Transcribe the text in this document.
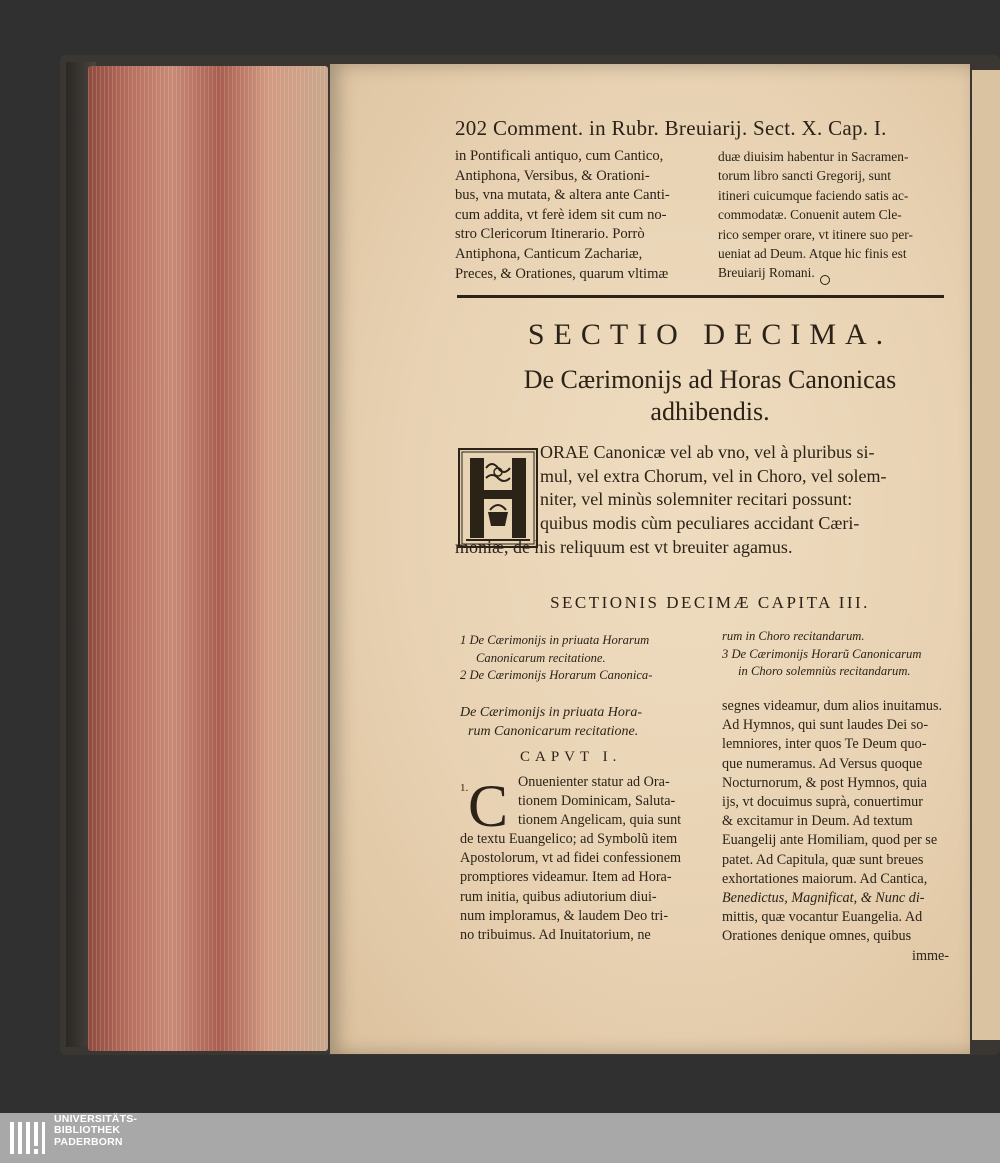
202 Comment. in Rubr. Breuiarij. Sect. X. Cap. I.
in Pontificali antiquo, cum Cantico,
Antiphona, Versibus, & Orationi-
bus, vna mutata, & altera ante Canti-
cum addita, vt ferè idem sit cum no-
stro Clericorum Itinerario. Porrò
Antiphona, Canticum Zachariæ,
Preces, & Orationes, quarum vltimæ
duæ diuisim habentur in Sacramen-
torum libro sancti Gregorij, sunt
itineri cuicumque faciendo satis ac-
commodatæ. Conuenit autem Cle-
rico semper orare, vt itinere suo per-
ueniat ad Deum. Atque hic finis est
Breuiarij Romani.
SECTIO DECIMA.
De Cærimonijs ad Horas Canonicas
adhibendis.
ORAE Canonicæ vel ab vno, vel à pluribus si-
mul, vel extra Chorum, vel in Choro, vel solem-
niter, vel minùs solemniter recitari possunt:
quibus modis cùm peculiares accidant Cæri-
moniæ, de his reliquum est vt breuiter agamus.
SECTIONIS DECIMÆ CAPITA III.
1 De Cærimonijs in priuata Horarum
Canonicarum recitatione.
2 De Cærimonijs Horarum Canonica-
rum in Choro recitandarum.
3 De Cærimonijs Horarũ Canonicarum
in Choro solemniùs recitandarum.
De Cærimonijs in priuata Hora-
rum Canonicarum recitatione.
CAPVT I.
1. C Onuenienter statur ad Ora-
tionem Dominicam, Saluta-
tionem Angelicam, quia sunt
de textu Euangelico; ad Symbolũ item
Apostolorum, vt ad fidei confessionem
promptiores videamur. Item ad Hora-
rum initia, quibus adiutorium diui-
num imploramus, & laudem Deo tri-
no tribuimus. Ad Inuitatorium, ne
segnes videamur, dum alios inuitamus.
Ad Hymnos, qui sunt laudes Dei so-
lemniores, inter quos Te Deum quo-
que numeramus. Ad Versus quoque
Nocturnorum, & post Hymnos, quia
ijs, vt docuimus suprà, conuertimur
& excitamur in Deum. Ad textum
Euangelij ante Homiliam, quod per se
patet. Ad Capitula, quæ sunt breues
exhortationes maiorum. Ad Cantica,
Benedictus, Magnificat, & Nunc di-
mittis, quæ vocantur Euangelia. Ad
Orationes denique omnes, quibus
imme-
UNIVERSITÄTS-
BIBLIOTHEK
PADERBORN
